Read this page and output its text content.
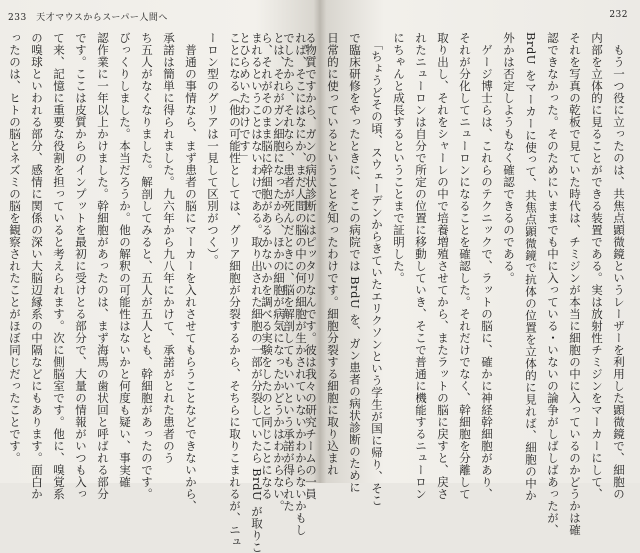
233 天才マウスからスーパー人間へ
れば、そこにはなにか、まだ人間の脳の中の何の細胞が生かされていないかわからないかもし
とは、それがガン細胞になったから、ほかの細胞が病気になったかどうかはわからない。
まれるということはないわけである。取り出された細胞の一部が分裂していたら BrdU が取りこ
ことになる（他の可能性としては、グリア細胞が分裂するから、そちらに取りこまれるが、ニュ
ーロン型のグリアは一見して区別がつく）。
　普通の事情なら、まず患者の脳にマーカーを入れさせてもらうことなどできないから、
承諾は簡単に得られました。九六年から九八年にかけて、承諾がとれた患者のう
ち五人がなくなりました。解剖してみると、五人が五人とも、幹細胞があったのです。
びっくりしました。本当だろうか。他の解釈の可能性はないかと何度も疑い、事実確
認作業に一年以上かけました。幹細胞があったのは、まず海馬の歯状回と呼ばれる部分
です。ここは皮質からのインプットを最初に受けとる部分で、大量の情報がいつも入っ
て来、記憶に重要な役割を担っていると考えられます。次に側脳室です。他に、嗅覚系
の嗅球といわれる部分、感情に関係の深い大脳辺縁系の中隔などにもあります。面白か
ったのは、ヒトの脳とネズミの脳を観察されたことがほぼ同じだったことです。
232
　もう一つ役に立ったのは、共焦点顕微鏡というレーザーを利用した顕微鏡で、細胞の
内部を立体的に見ることができる装置である。実は放射性チミジンをマーカーにして、
それを写真の乾板で見ていた時代は、チミジンが本当に細胞の中に入っているのかどうかは確
認できなかった。そのためにいままでも中に入っている・いないの論争がしばしばあったが、
BrdU をマーカーに使って、共焦点顕微鏡で抗体の位置を立体的に見れば、細胞の中か
外かは否定しようもなく確認できるのである。
　ゲージ博士らは、これらのテクニックで、ラットの脳に、確かに神経幹細胞があり、
それが分化してニューロンになることを確認した。それだけでなく、幹細胞を分離して
取り出し、それをシャーレの中で培養増殖させてから、またラットの脳に戻すと、戻さ
れたニューロンは自分で所定の位置に移動していき、そこで普通に機能するニューロン
にちゃんと成長するということまで証明した。
　「ちょうどその頃、スウェーデンからきていたエリクソンという学生が国に帰り、そこ
で臨床研修をやったときに、そこの病院では BrdU を、ガン患者の病状診断のために
日常的に使っているということを知ったわけです。細胞分裂する細胞に取り込まれ
る物質ですから、ガンの病状診断にはピッタリなんです。彼は我々の研究チームの一員
でしたから、それなら、患者が死んだときに、脳を解剖してもいいという承諾が得られた
ら、それがそのまま脳に幹細胞があるかないかを調べる実験をしたのと同じことになる
とひらめいたわけです」
